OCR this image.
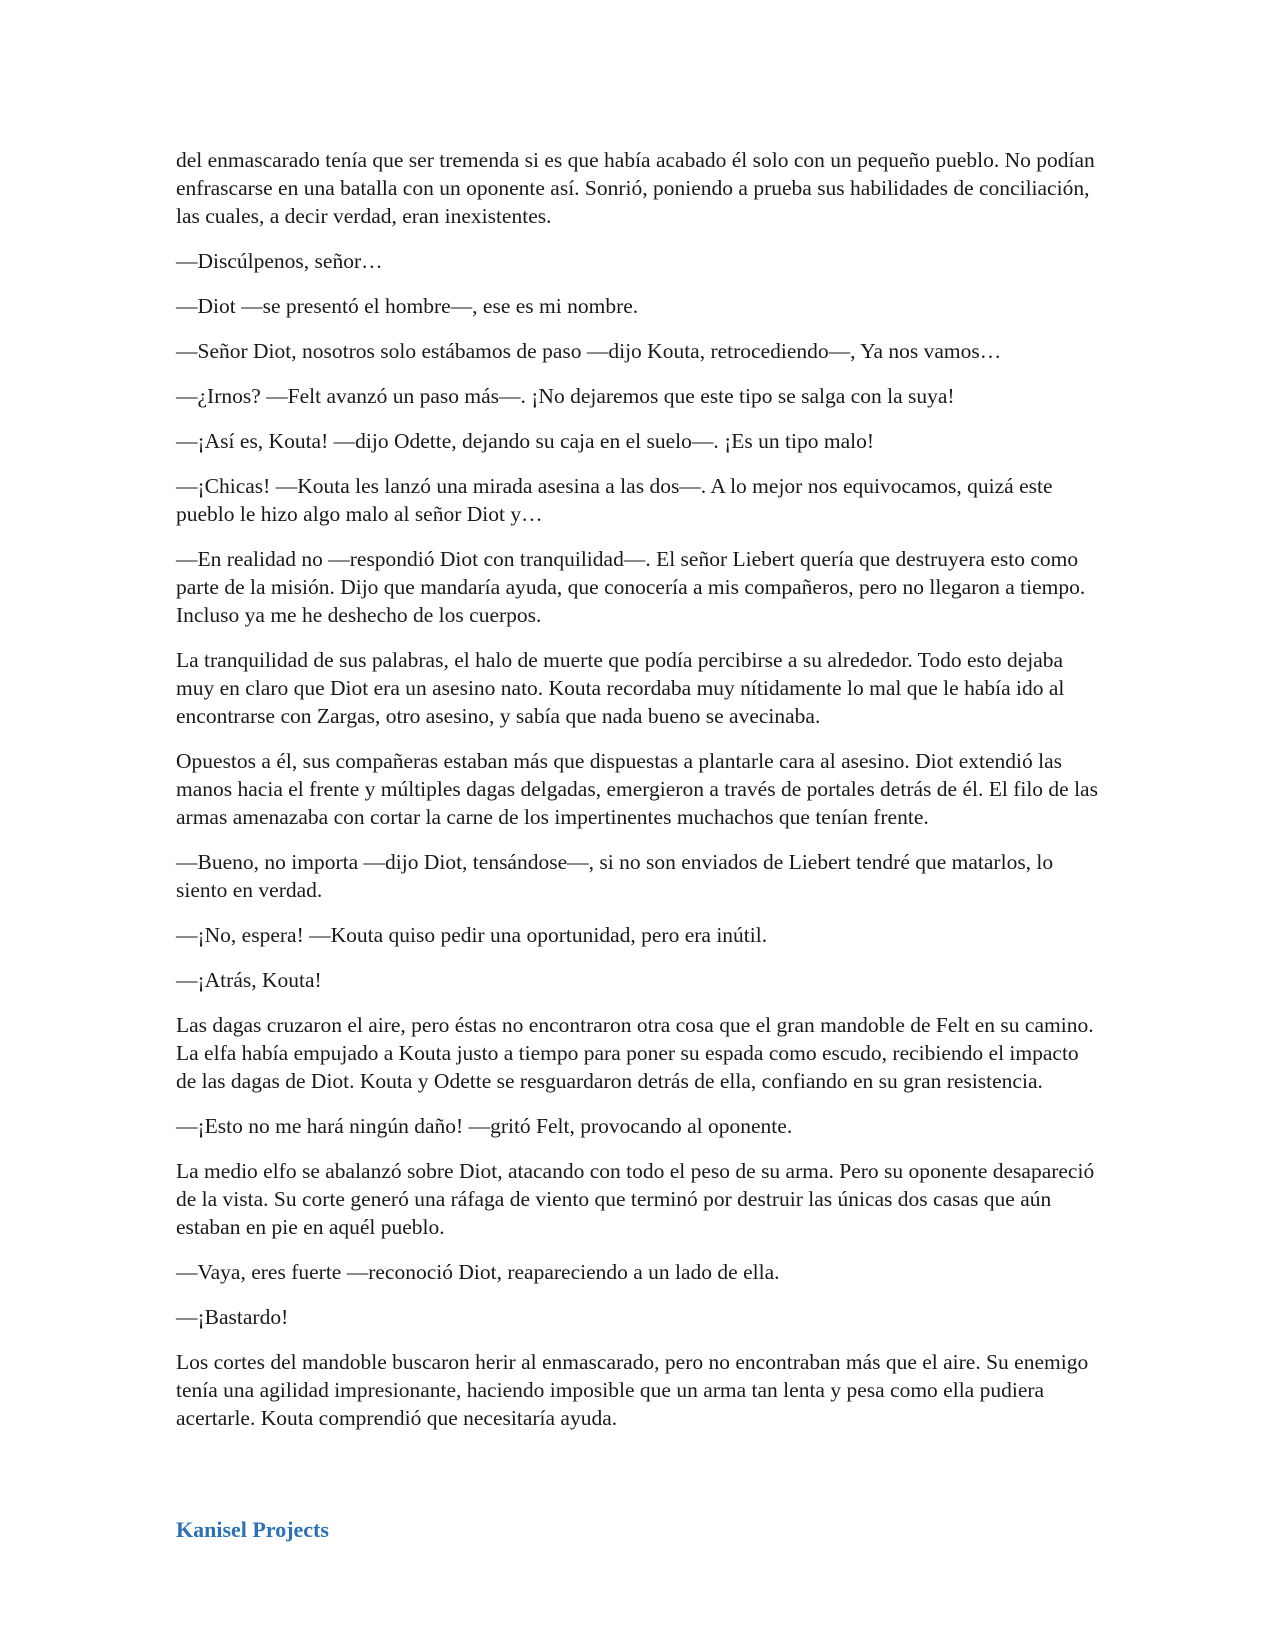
del enmascarado tenía que ser tremenda si es que había acabado él solo con un pequeño pueblo. No podían enfrascarse en una batalla con un oponente así. Sonrió, poniendo a prueba sus habilidades de conciliación, las cuales, a decir verdad, eran inexistentes.

—Discúlpenos, señor…

—Diot —se presentó el hombre—, ese es mi nombre.

—Señor Diot, nosotros solo estábamos de paso —dijo Kouta, retrocediendo—, Ya nos vamos…

—¿Irnos? —Felt avanzó un paso más—. ¡No dejaremos que este tipo se salga con la suya!

—¡Así es, Kouta! —dijo Odette, dejando su caja en el suelo—. ¡Es un tipo malo!

—¡Chicas! —Kouta les lanzó una mirada asesina a las dos—. A lo mejor nos equivocamos, quizá este pueblo le hizo algo malo al señor Diot y…

—En realidad no —respondió Diot con tranquilidad—. El señor Liebert quería que destruyera esto como parte de la misión. Dijo que mandaría ayuda, que conocería a mis compañeros, pero no llegaron a tiempo. Incluso ya me he deshecho de los cuerpos.

La tranquilidad de sus palabras, el halo de muerte que podía percibirse a su alrededor. Todo esto dejaba muy en claro que Diot era un asesino nato. Kouta recordaba muy nítidamente lo mal que le había ido al encontrarse con Zargas, otro asesino, y sabía que nada bueno se avecinaba.

Opuestos a él, sus compañeras estaban más que dispuestas a plantarle cara al asesino. Diot extendió las manos hacia el frente y múltiples dagas delgadas, emergieron a través de portales detrás de él. El filo de las armas amenazaba con cortar la carne de los impertinentes muchachos que tenían frente.

—Bueno, no importa —dijo Diot, tensándose—, si no son enviados de Liebert tendré que matarlos, lo siento en verdad.

—¡No, espera! —Kouta quiso pedir una oportunidad, pero era inútil.

—¡Atrás, Kouta!

Las dagas cruzaron el aire, pero éstas no encontraron otra cosa que el gran mandoble de Felt en su camino. La elfa había empujado a Kouta justo a tiempo para poner su espada como escudo, recibiendo el impacto de las dagas de Diot. Kouta y Odette se resguardaron detrás de ella, confiando en su gran resistencia.

—¡Esto no me hará ningún daño! —gritó Felt, provocando al oponente.

La medio elfo se abalanzó sobre Diot, atacando con todo el peso de su arma. Pero su oponente desapareció de la vista. Su corte generó una ráfaga de viento que terminó por destruir las únicas dos casas que aún estaban en pie en aquél pueblo.

—Vaya, eres fuerte —reconoció Diot, reapareciendo a un lado de ella.

—¡Bastardo!

Los cortes del mandoble buscaron herir al enmascarado, pero no encontraban más que el aire. Su enemigo tenía una agilidad impresionante, haciendo imposible que un arma tan lenta y pesa como ella pudiera acertarle. Kouta comprendió que necesitaría ayuda.

Kanisel Projects
